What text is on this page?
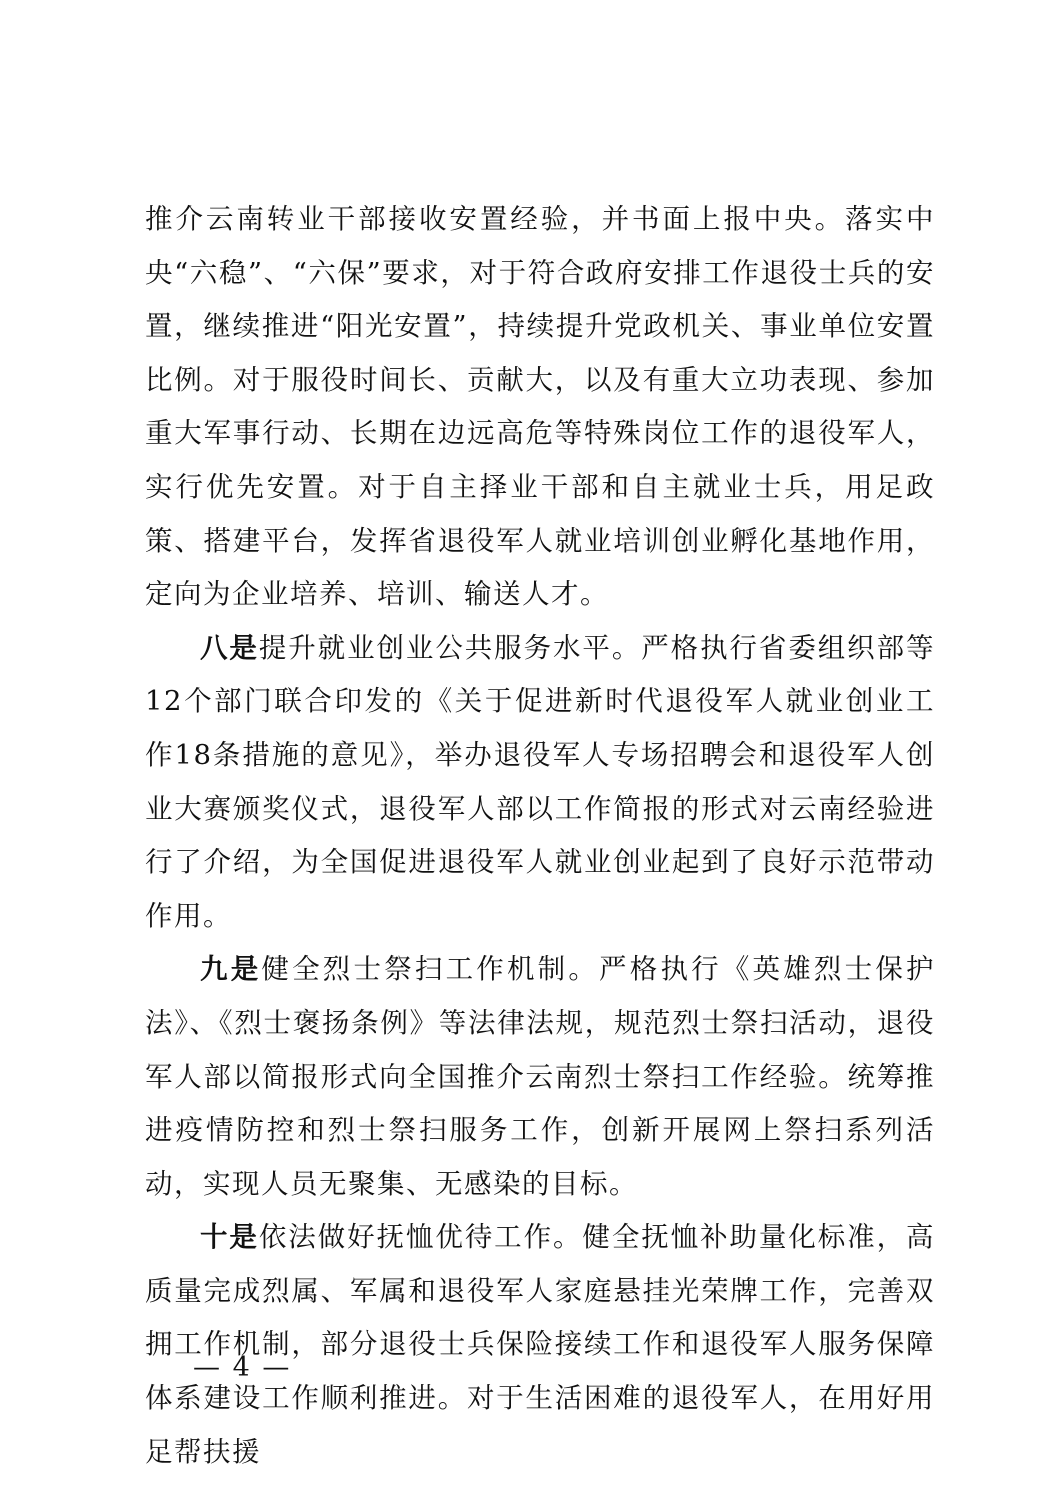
推介云南转业干部接收安置经验，并书面上报中央。落实中央“六稳”、“六保”要求，对于符合政府安排工作退役士兵的安置，继续推进“阳光安置”，持续提升党政机关、事业单位安置比例。对于服役时间长、贡献大，以及有重大立功表现、参加重大军事行动、长期在边远高危等特殊岗位工作的退役军人，实行优先安置。对于自主择业干部和自主就业士兵，用足政策、搭建平台，发挥省退役军人就业培训创业孵化基地作用，定向为企业培养、培训、输送人才。

八是提升就业创业公共服务水平。严格执行省委组织部等12个部门联合印发的《关于促进新时代退役军人就业创业工作18条措施的意见》，举办退役军人专场招聘会和退役军人创业大赛颁奖仪式，退役军人部以工作简报的形式对云南经验进行了介绍，为全国促进退役军人就业创业起到了良好示范带动作用。

九是健全烈士祭扫工作机制。严格执行《英雄烈士保护法》、《烈士褒扬条例》等法律法规，规范烈士祭扫活动，退役军人部以简报形式向全国推介云南烈士祭扫工作经验。统筹推进疫情防控和烈士祭扫服务工作，创新开展网上祭扫系列活动，实现人员无聚集、无感染的目标。

十是依法做好抚恤优待工作。健全抚恤补助量化标准，高质量完成烈属、军属和退役军人家庭悬挂光荣牌工作，完善双拥工作机制，部分退役士兵保险接续工作和退役军人服务保障体系建设工作顺利推进。对于生活困难的退役军人，在用好用足帮扶援

— 4 —
